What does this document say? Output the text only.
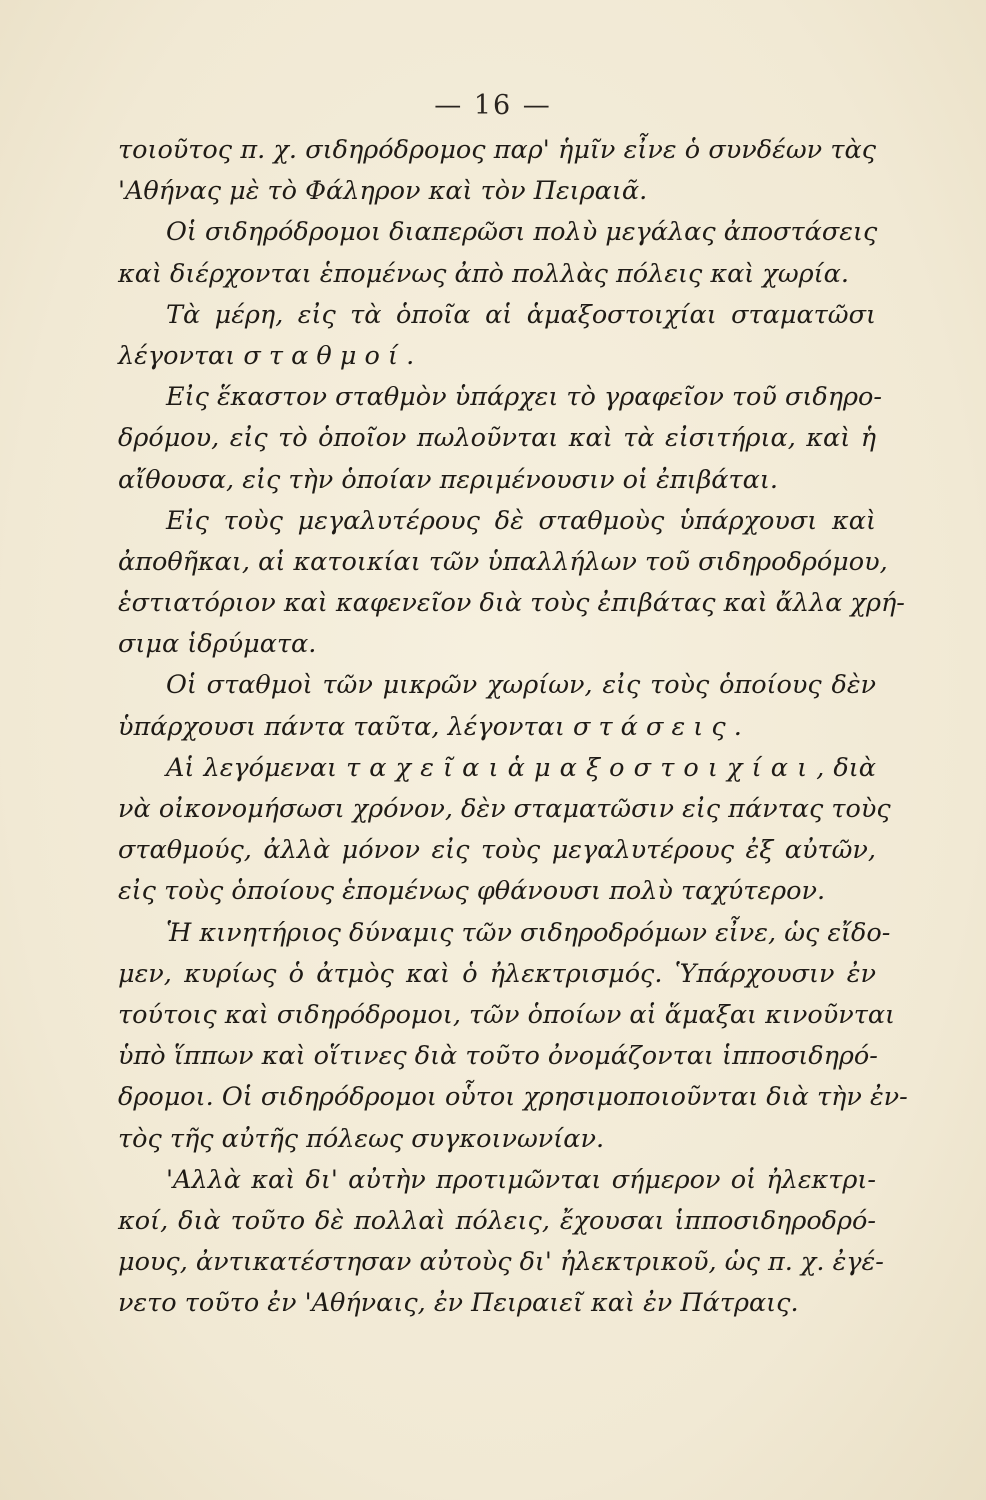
— 16 —
τοιοῦτος π. χ. σιδηρόδρομος παρ' ἡμῖν εἶνε ὁ συνδέων τὰς
'Αθήνας μὲ τὸ Φάληρον καὶ τὸν Πειραιᾶ.
Οἱ σιδηρόδρομοι διαπερῶσι πολὺ μεγάλας ἀποστάσεις
καὶ διέρχονται ἑπομένως ἀπὸ πολλὰς πόλεις καὶ χωρία.
Τὰ μέρη, εἰς τὰ ὁποῖα αἱ ἁμαξοστοιχίαι σταματῶσι
λέγονται σ τ α θ μ ο ί .
Εἰς ἕκαστον σταθμὸν ὑπάρχει τὸ γραφεῖον τοῦ σιδηρο-
δρόμου, εἰς τὸ ὁποῖον πωλοῦνται καὶ τὰ εἰσιτήρια, καὶ ἡ
αἴθουσα, εἰς τὴν ὁποίαν περιμένουσιν οἱ ἐπιβάται.
Εἰς τοὺς μεγαλυτέρους δὲ σταθμοὺς ὑπάρχουσι καὶ
ἀποθῆκαι, αἱ κατοικίαι τῶν ὑπαλλήλων τοῦ σιδηροδρόμου,
ἑστιατόριον καὶ καφενεῖον διὰ τοὺς ἐπιβάτας καὶ ἄλλα χρή-
σιμα ἱδρύματα.
Οἱ σταθμοὶ τῶν μικρῶν χωρίων, εἰς τοὺς ὁποίους δὲν
ὑπάρχουσι πάντα ταῦτα, λέγονται σ τ ά σ ε ι ς .
Αἱ λεγόμεναι τ α χ ε ῖ α ι ἁ μ α ξ ο σ τ ο ι χ ί α ι , διὰ
νὰ οἰκονομήσωσι χρόνον, δὲν σταματῶσιν εἰς πάντας τοὺς
σταθμούς, ἀλλὰ μόνον εἰς τοὺς μεγαλυτέρους ἐξ αὐτῶν,
εἰς τοὺς ὁποίους ἑπομένως φθάνουσι πολὺ ταχύτερον.
Ἡ κινητήριος δύναμις τῶν σιδηροδρόμων εἶνε, ὡς εἴδο-
μεν, κυρίως ὁ ἀτμὸς καὶ ὁ ἠλεκτρισμός. Ὑπάρχουσιν ἐν
τούτοις καὶ σιδηρόδρομοι, τῶν ὁποίων αἱ ἅμαξαι κινοῦνται
ὑπὸ ἵππων καὶ οἵτινες διὰ τοῦτο ὀνομάζονται ἱπποσιδηρό-
δρομοι. Οἱ σιδηρόδρομοι οὗτοι χρησιμοποιοῦνται διὰ τὴν ἐν-
τὸς τῆς αὐτῆς πόλεως συγκοινωνίαν.
'Αλλὰ καὶ δι' αὐτὴν προτιμῶνται σήμερον οἱ ἠλεκτρι-
κοί, διὰ τοῦτο δὲ πολλαὶ πόλεις, ἔχουσαι ἱπποσιδηροδρό-
μους, ἀντικατέστησαν αὐτοὺς δι' ἠλεκτρικοῦ, ὡς π. χ. ἐγέ-
νετο τοῦτο ἐν 'Αθήναις, ἐν Πειραιεῖ καὶ ἐν Πάτραις.
